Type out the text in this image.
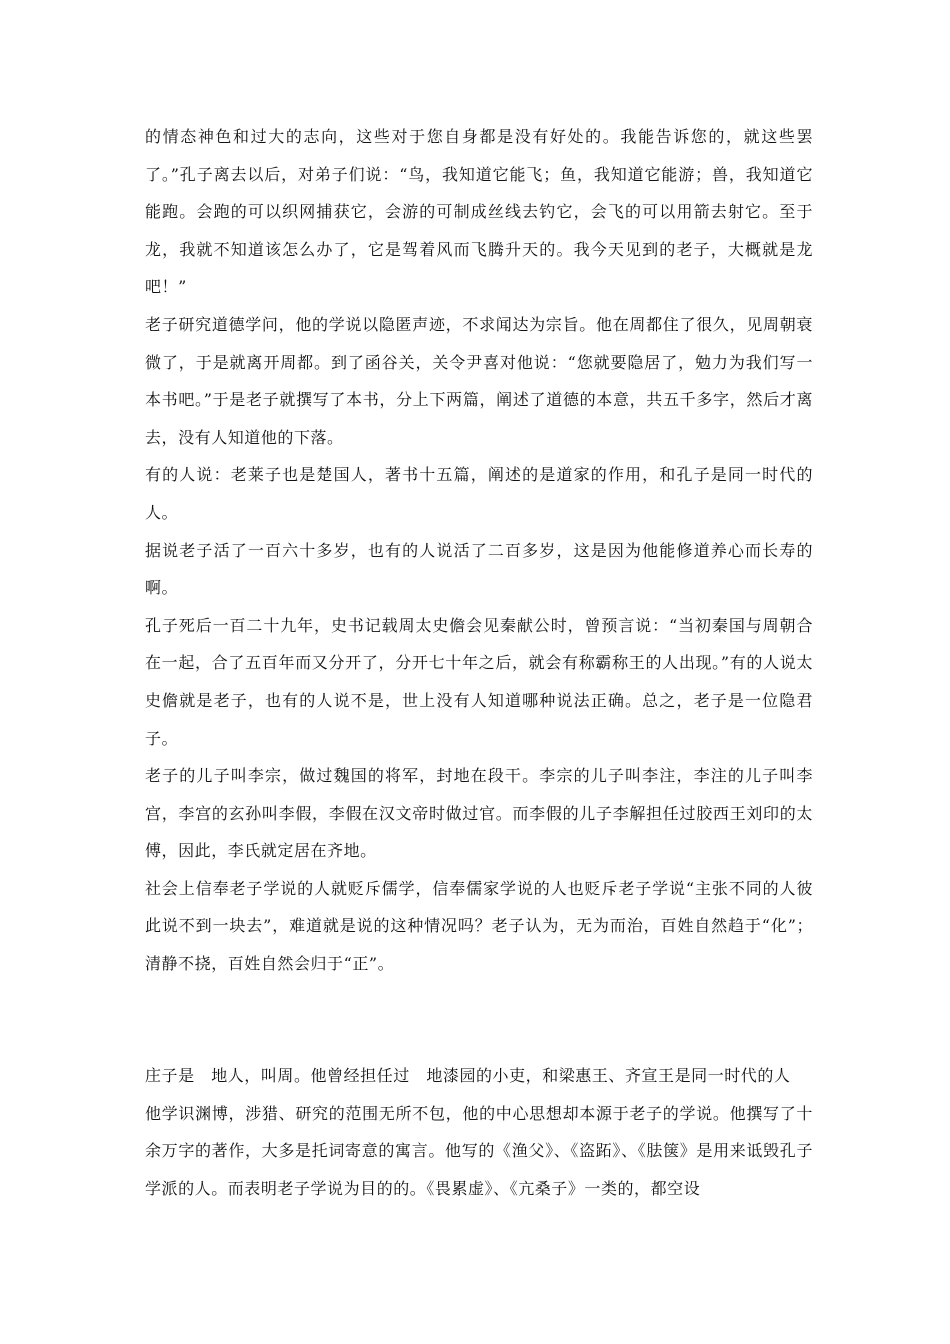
的情态神色和过大的志向，这些对于您自身都是没有好处的。我能告诉您的，就这些罢了。”孔子离去以后，对弟子们说：“鸟，我知道它能飞；鱼，我知道它能游；兽，我知道它能跑。会跑的可以织网捕获它，会游的可制成丝线去钓它，会飞的可以用箭去射它。至于龙，我就不知道该怎么办了，它是驾着风而飞腾升天的。我今天见到的老子，大概就是龙吧！”

老子研究道德学问，他的学说以隐匿声迹，不求闻达为宗旨。他在周都住了很久，见周朝衰微了，于是就离开周都。到了函谷关，关令尹喜对他说：“您就要隐居了，勉力为我们写一本书吧。”于是老子就撰写了本书，分上下两篇，阐述了道德的本意，共五千多字，然后才离去，没有人知道他的下落。

有的人说：老莱子也是楚国人，著书十五篇，阐述的是道家的作用，和孔子是同一时代的人。

据说老子活了一百六十多岁，也有的人说活了二百多岁，这是因为他能修道养心而长寿的啊。

孔子死后一百二十九年，史书记载周太史儋会见秦献公时，曾预言说：“当初秦国与周朝合在一起，合了五百年而又分开了，分开七十年之后，就会有称霸称王的人出现。”有的人说太史儋就是老子，也有的人说不是，世上没有人知道哪种说法正确。总之，老子是一位隐君子。

老子的儿子叫李宗，做过魏国的将军，封地在段干。李宗的儿子叫李注，李注的儿子叫李宫，李宫的玄孙叫李假，李假在汉文帝时做过官。而李假的儿子李解担任过胶西王刘印的太傅，因此，李氏就定居在齐地。

社会上信奉老子学说的人就贬斥儒学，信奉儒家学说的人也贬斥老子学说“主张不同的人彼此说不到一块去”，难道就是说的这种情况吗？老子认为，无为而治，百姓自然趋于“化”；清静不挠，百姓自然会归于“正”。

庄子是　地人，叫周。他曾经担任过　地漆园的小吏，和梁惠王、齐宣王是同一时代的人

他学识渊博，涉猎、研究的范围无所不包，他的中心思想却本源于老子的学说。他撰写了十余万字的著作，大多是托词寄意的寓言。他写的《渔父》、《盗跖》、《胠箧》是用来诋毁孔子学派的人。而表明老子学说为目的的。《畏累虚》、《亢桑子》一类的，都空设
